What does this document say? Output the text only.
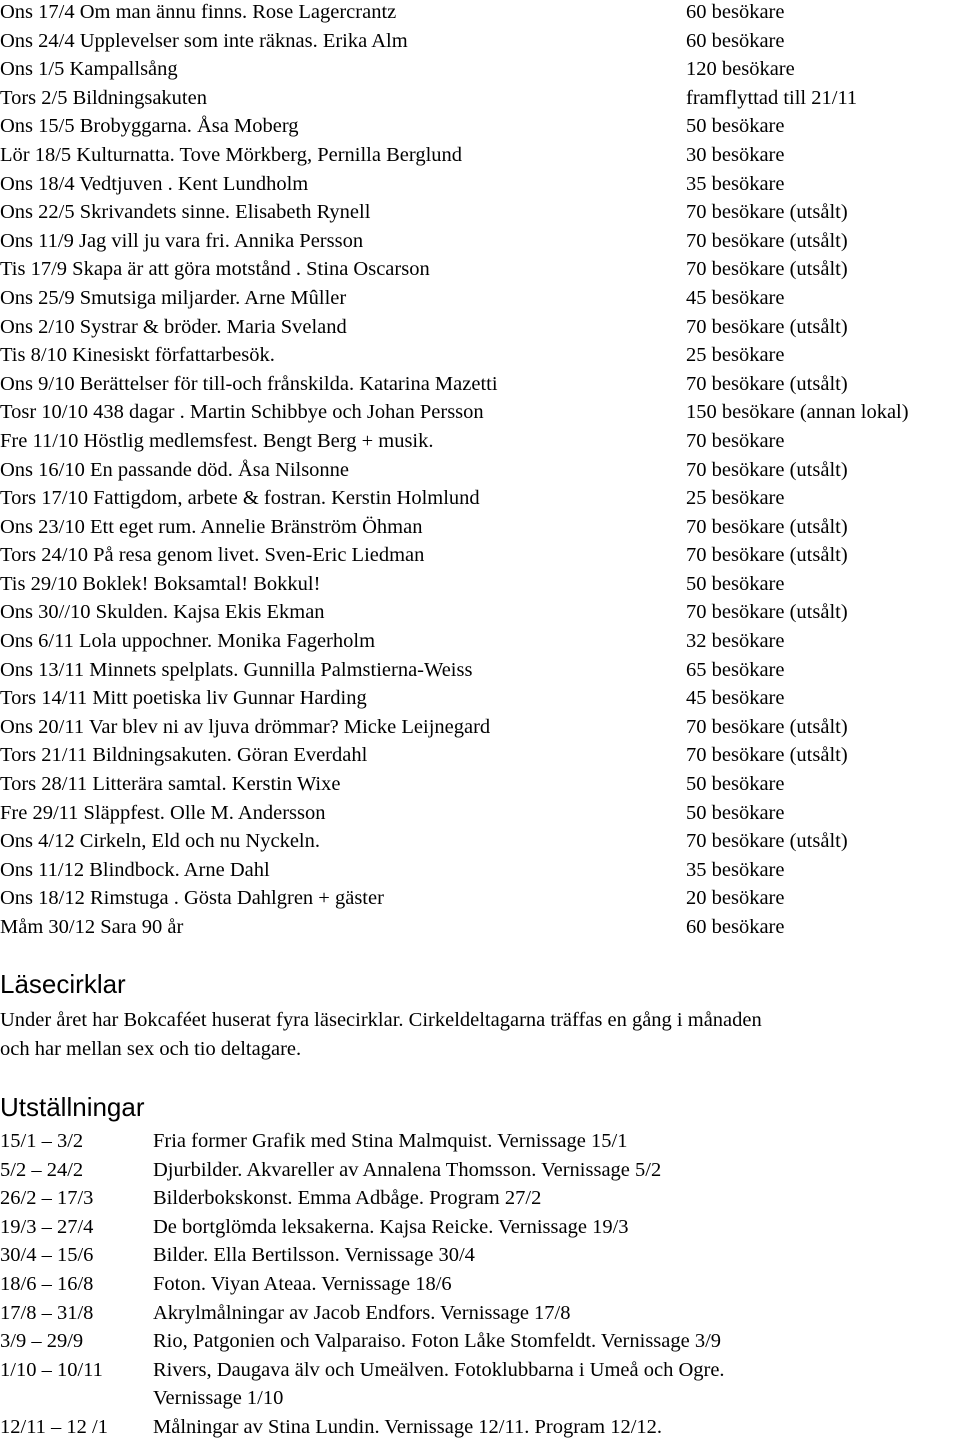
Ons 17/4 Om man ännu finns. Rose Lagercrantz	60 besökare
Ons 24/4 Upplevelser som inte räknas. Erika Alm	60 besökare
Ons 1/5 Kampallsång	120 besökare
Tors 2/5 Bildningsakuten	framflyttad till 21/11
Ons 15/5 Brobyggarna. Åsa Moberg	50 besökare
Lör 18/5 Kulturnatta. Tove Mörkberg, Pernilla Berglund	30 besökare
Ons 18/4 Vedtjuven . Kent Lundholm	35 besökare
Ons 22/5 Skrivandets sinne. Elisabeth Rynell	70 besökare (utsålt)
Ons 11/9 Jag vill ju vara fri. Annika Persson	70 besökare (utsålt)
Tis 17/9 Skapa är att göra motstånd . Stina Oscarson	70 besökare (utsålt)
Ons 25/9 Smutsiga miljarder. Arne Mûller	45 besökare
Ons 2/10 Systrar & bröder. Maria Sveland	70 besökare (utsålt)
Tis 8/10 Kinesiskt författarbesök.	25 besökare
Ons 9/10 Berättelser för till-och frånskilda. Katarina Mazetti	70 besökare (utsålt)
Tosr 10/10 438 dagar . Martin Schibbye och Johan Persson	150 besökare (annan lokal)
Fre 11/10 Höstlig medlemsfest. Bengt Berg + musik.	70 besökare
Ons 16/10 En passande död. Åsa Nilsonne	70 besökare (utsålt)
Tors 17/10 Fattigdom, arbete & fostran. Kerstin Holmlund	25 besökare
Ons 23/10 Ett eget rum. Annelie Bränström Öhman	70 besökare (utsålt)
Tors 24/10 På resa genom livet. Sven-Eric Liedman	70 besökare (utsålt)
Tis 29/10 Boklek! Boksamtal! Bokkul!	50 besökare
Ons 30//10 Skulden. Kajsa Ekis Ekman	70 besökare (utsålt)
Ons 6/11 Lola uppochner. Monika Fagerholm	32 besökare
Ons 13/11 Minnets spelplats. Gunnilla Palmstierna-Weiss	65 besökare
Tors 14/11 Mitt poetiska liv Gunnar Harding	45 besökare
Ons 20/11 Var blev ni av ljuva drömmar? Micke Leijnegard	70 besökare (utsålt)
Tors 21/11 Bildningsakuten. Göran Everdahl	70 besökare (utsålt)
Tors 28/11 Litterära samtal. Kerstin Wixe	50 besökare
Fre 29/11 Släppfest. Olle M. Andersson	50 besökare
Ons 4/12 Cirkeln, Eld och nu Nyckeln.	70 besökare (utsålt)
Ons 11/12 Blindbock. Arne Dahl	35 besökare
Ons 18/12 Rimstuga . Gösta Dahlgren + gäster	20 besökare
Måm 30/12 Sara 90 år	60 besökare
Läsecirklar
Under året har Bokcaféet huserat fyra läsecirklar. Cirkeldeltagarna träffas en gång i månaden
och har mellan sex och tio deltagare.
Utställningar
15/1 – 3/2	Fria former Grafik med Stina Malmquist. Vernissage 15/1
5/2 – 24/2	Djurbilder. Akvareller av Annalena Thomsson. Vernissage 5/2
26/2 – 17/3	Bilderbokskonst. Emma Adbåge. Program 27/2
19/3 – 27/4	De bortglömda leksakerna. Kajsa Reicke. Vernissage 19/3
30/4 – 15/6	Bilder. Ella Bertilsson. Vernissage 30/4
18/6 – 16/8	Foton. Viyan Ateaa. Vernissage 18/6
17/8 – 31/8	Akrylmålningar av Jacob Endfors. Vernissage 17/8
3/9 – 29/9	Rio, Patgonien och Valparaiso. Foton Låke Stomfeldt. Vernissage 3/9
1/10 – 10/11 Rivers, Daugava älv och Umeälven. Fotoklubbarna i Umeå och Ogre.
Vernissage 1/10
12/11 – 12 /1 Målningar av Stina Lundin. Vernissage 12/11. Program 12/12.
